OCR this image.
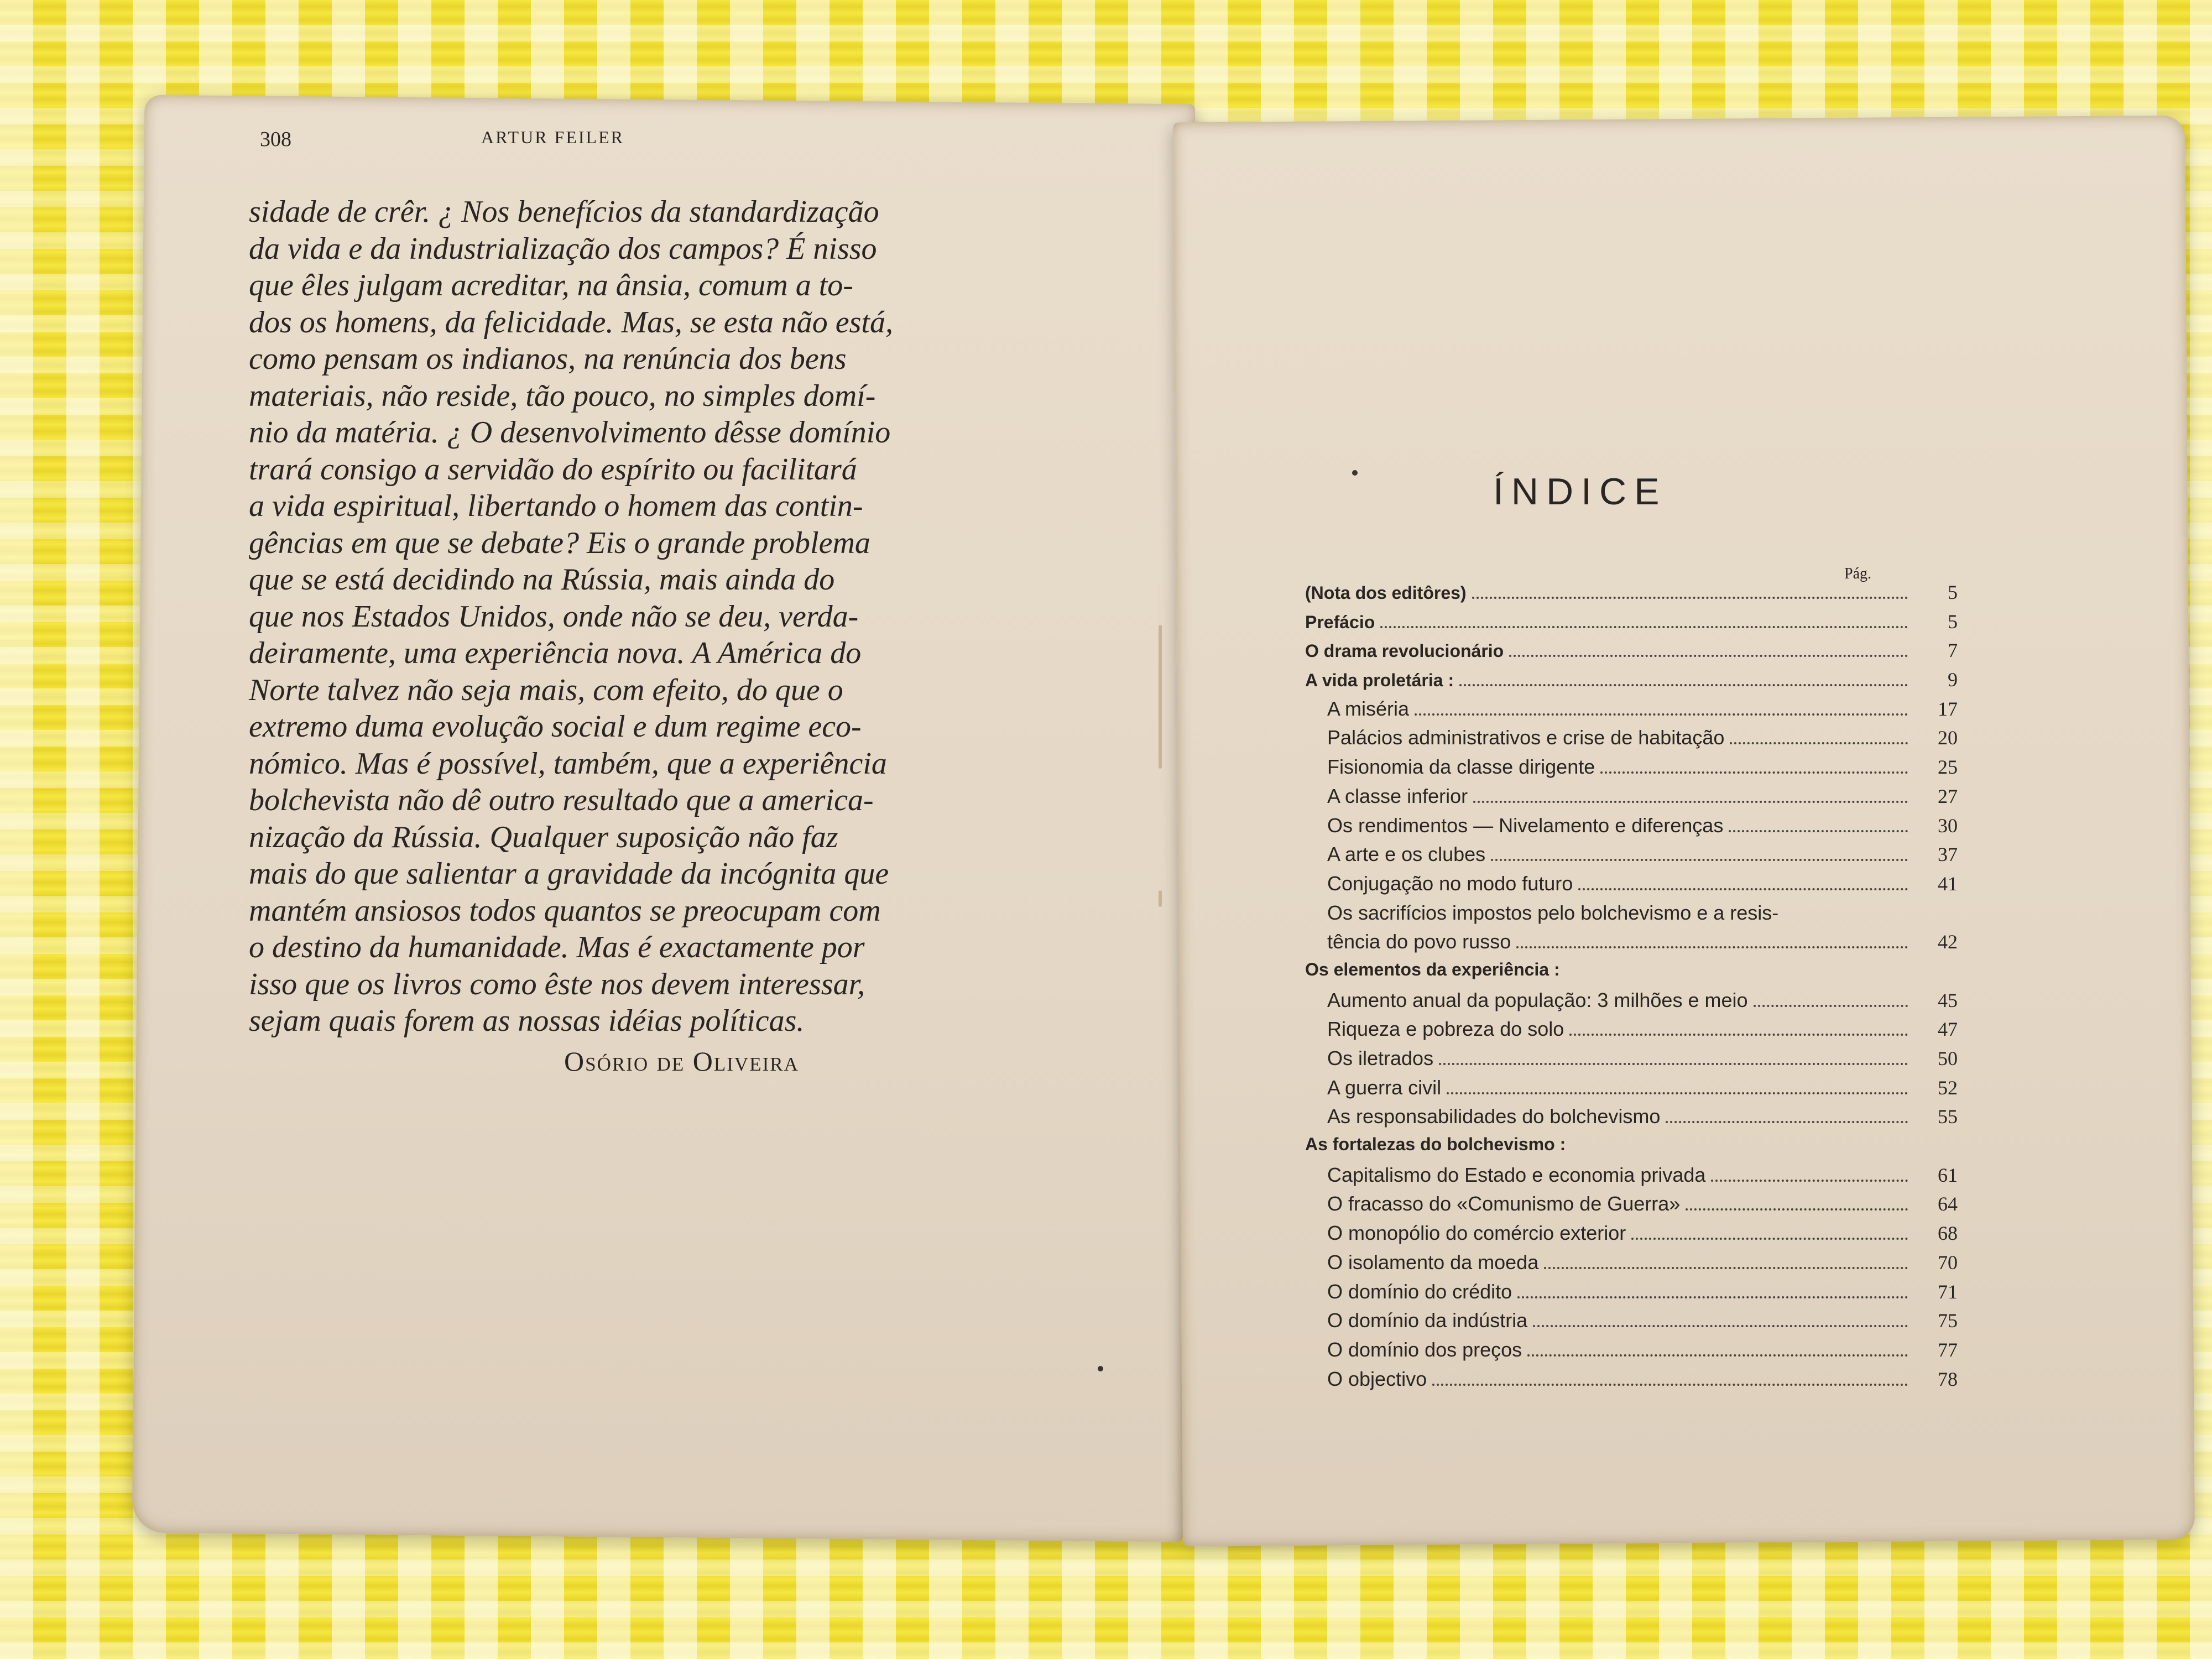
308	ARTUR FEILER
sidade de crêr. ¿ Nos benefícios da standardização
da vida e da industrialização dos campos? É nisso
que êles julgam acreditar, na ânsia, comum a to-
dos os homens, da felicidade. Mas, se esta não está,
como pensam os indianos, na renúncia dos bens
materiais, não reside, tão pouco, no simples domí-
nio da matéria. ¿ O desenvolvimento dêsse domínio
trará consigo a servidão do espírito ou facilitará
a vida espiritual, libertando o homem das contin-
gências em que se debate? Eis o grande problema
que se está decidindo na Rússia, mais ainda do
que nos Estados Unidos, onde não se deu, verda-
deiramente, uma experiência nova. A América do
Norte talvez não seja mais, com efeito, do que o
extremo duma evolução social e dum regime eco-
nómico. Mas é possível, também, que a experiência
bolchevista não dê outro resultado que a america-
nização da Rússia. Qualquer suposição não faz
mais do que salientar a gravidade da incógnita que
mantém ansiosos todos quantos se preocupam com
o destino da humanidade. Mas é exactamente por
isso que os livros como êste nos devem interessar,
sejam quais forem as nossas idéias políticas.
Osório de Oliveira
ÍNDICE
Pág.
(Nota dos editôres)	5
Prefácio	5
O drama revolucionário	7
A vida proletária :	9
A miséria	17
Palácios administrativos e crise de habitação	20
Fisionomia da classe dirigente	25
A classe inferior	27
Os rendimentos — Nivelamento e diferenças	30
A arte e os clubes	37
Conjugação no modo futuro	41
Os sacrifícios impostos pelo bolchevismo e a resis-
tência do povo russo	42
Os elementos da experiência :
Aumento anual da população: 3 milhões e meio	45
Riqueza e pobreza do solo	47
Os iletrados	50
A guerra civil	52
As responsabilidades do bolchevismo	55
As fortalezas do bolchevismo :
Capitalismo do Estado e economia privada	61
O fracasso do «Comunismo de Guerra»	64
O monopólio do comércio exterior	68
O isolamento da moeda	70
O domínio do crédito	71
O domínio da indústria	75
O domínio dos preços	77
O objectivo	78
